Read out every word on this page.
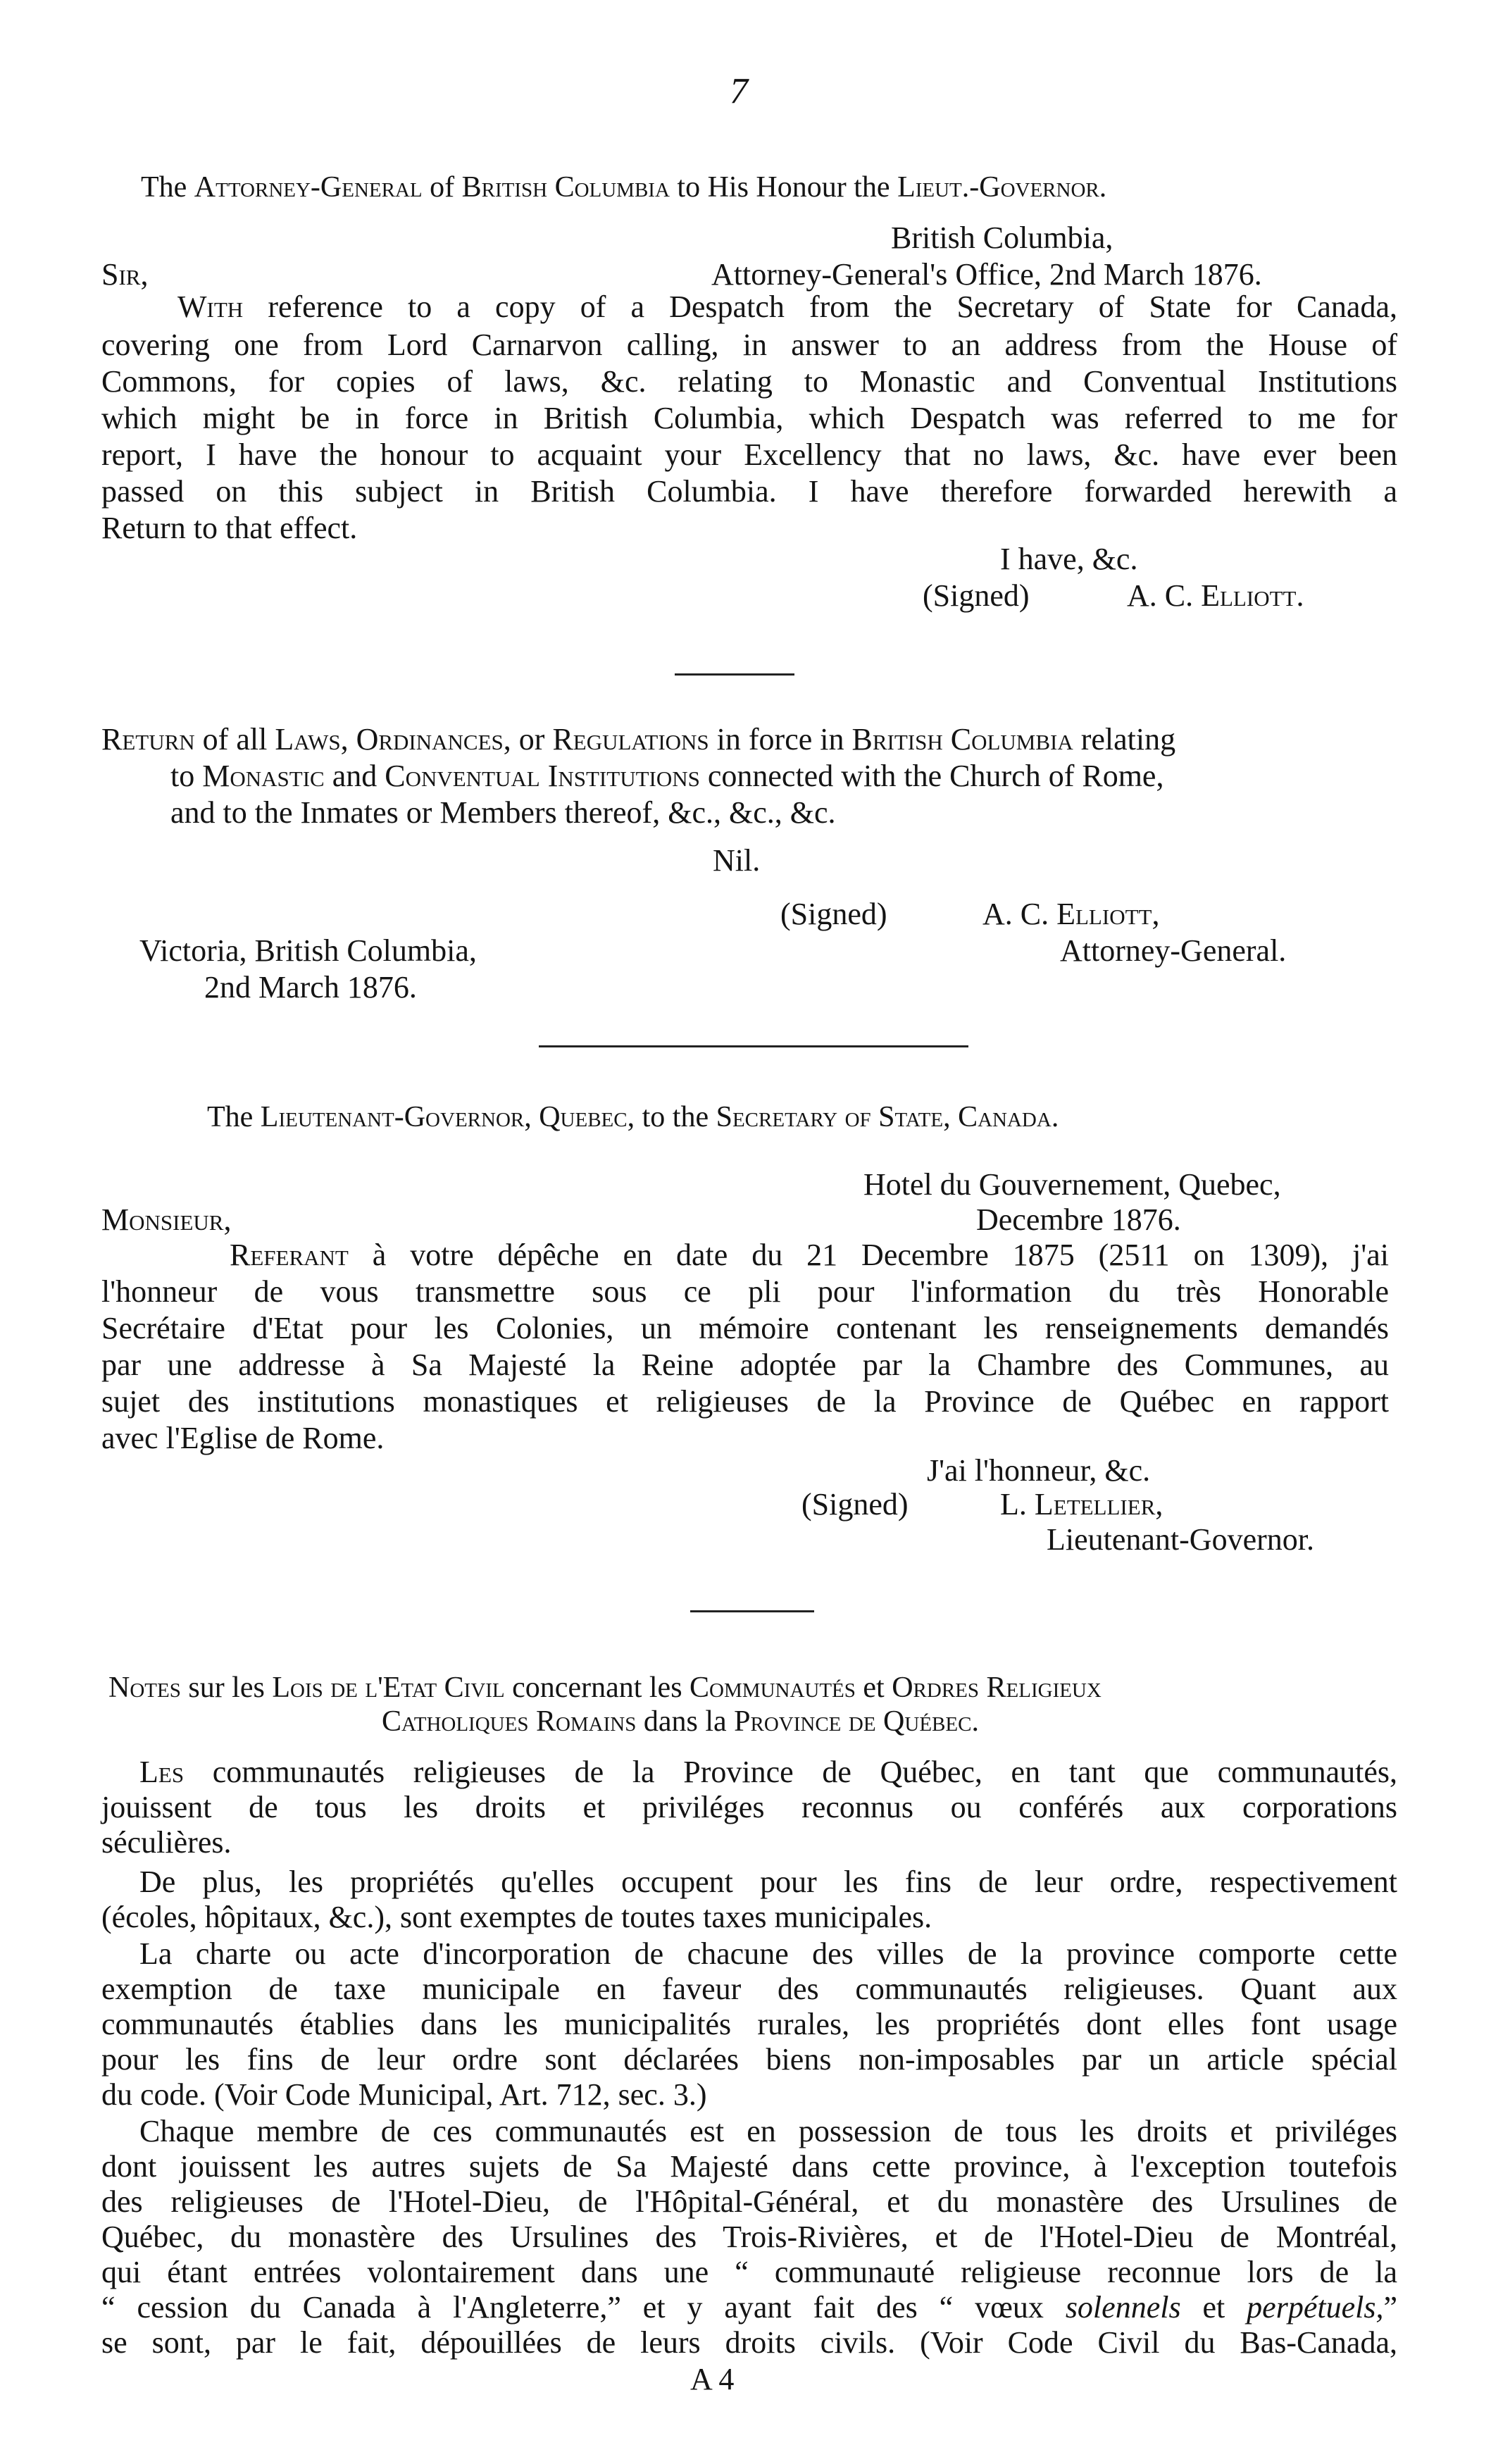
7
The Attorney-General of British Columbia to His Honour the Lieut.-Governor.
British Columbia,
Sir,	Attorney-General's Office, 2nd March 1876.
With reference to a copy of a Despatch from the Secretary of State for Canada,
covering one from Lord Carnarvon calling, in answer to an address from the House of
Commons, for copies of laws, &c. relating to Monastic and Conventual Institutions
which might be in force in British Columbia, which Despatch was referred to me for
report, I have the honour to acquaint your Excellency that no laws, &c. have ever been
passed on this subject in British Columbia. I have therefore forwarded herewith a
Return to that effect.
I have, &c.
(Signed)	A. C. Elliott.
Return of all Laws, Ordinances, or Regulations in force in British Columbia relating
to Monastic and Conventual Institutions connected with the Church of Rome,
and to the Inmates or Members thereof, &c., &c., &c.
Nil.
(Signed)	A. C. Elliott,
Victoria, British Columbia,	Attorney-General.
2nd March 1876.
The Lieutenant-Governor, Quebec, to the Secretary of State, Canada.
Hotel du Gouvernement, Quebec,
Monsieur,	Decembre 1876.
Referant à votre dépêche en date du 21 Decembre 1875 (2511 on 1309), j'ai
l'honneur de vous transmettre sous ce pli pour l'information du très Honorable
Secrétaire d'Etat pour les Colonies, un mémoire contenant les renseignements demandés
par une addresse à Sa Majesté la Reine adoptée par la Chambre des Communes, au
sujet des institutions monastiques et religieuses de la Province de Québec en rapport
avec l'Eglise de Rome.
J'ai l'honneur, &c.
(Signed)	L. Letellier,
Lieutenant-Governor.
Notes sur les Lois de l'Etat Civil concernant les Communautés et Ordres Religieux
Catholiques Romains dans la Province de Québec.
Les communautés religieuses de la Province de Québec, en tant que communautés,
jouissent de tous les droits et priviléges reconnus ou conférés aux corporations
séculières.
De plus, les propriétés qu'elles occupent pour les fins de leur ordre, respectivement
(écoles, hôpitaux, &c.), sont exemptes de toutes taxes municipales.
La charte ou acte d'incorporation de chacune des villes de la province comporte cette
exemption de taxe municipale en faveur des communautés religieuses. Quant aux
communautés établies dans les municipalités rurales, les propriétés dont elles font usage
pour les fins de leur ordre sont déclarées biens non-imposables par un article spécial
du code. (Voir Code Municipal, Art. 712, sec. 3.)
Chaque membre de ces communautés est en possession de tous les droits et priviléges
dont jouissent les autres sujets de Sa Majesté dans cette province, à l'exception toutefois
des religieuses de l'Hotel-Dieu, de l'Hôpital-Général, et du monastère des Ursulines de
Québec, du monastère des Ursulines des Trois-Rivières, et de l'Hotel-Dieu de Montréal,
qui étant entrées volontairement dans une “ communauté religieuse reconnue lors de la
“ cession du Canada à l'Angleterre,” et y ayant fait des “ vœux solennels et perpétuels,”
se sont, par le fait, dépouillées de leurs droits civils. (Voir Code Civil du Bas-Canada,
A 4
